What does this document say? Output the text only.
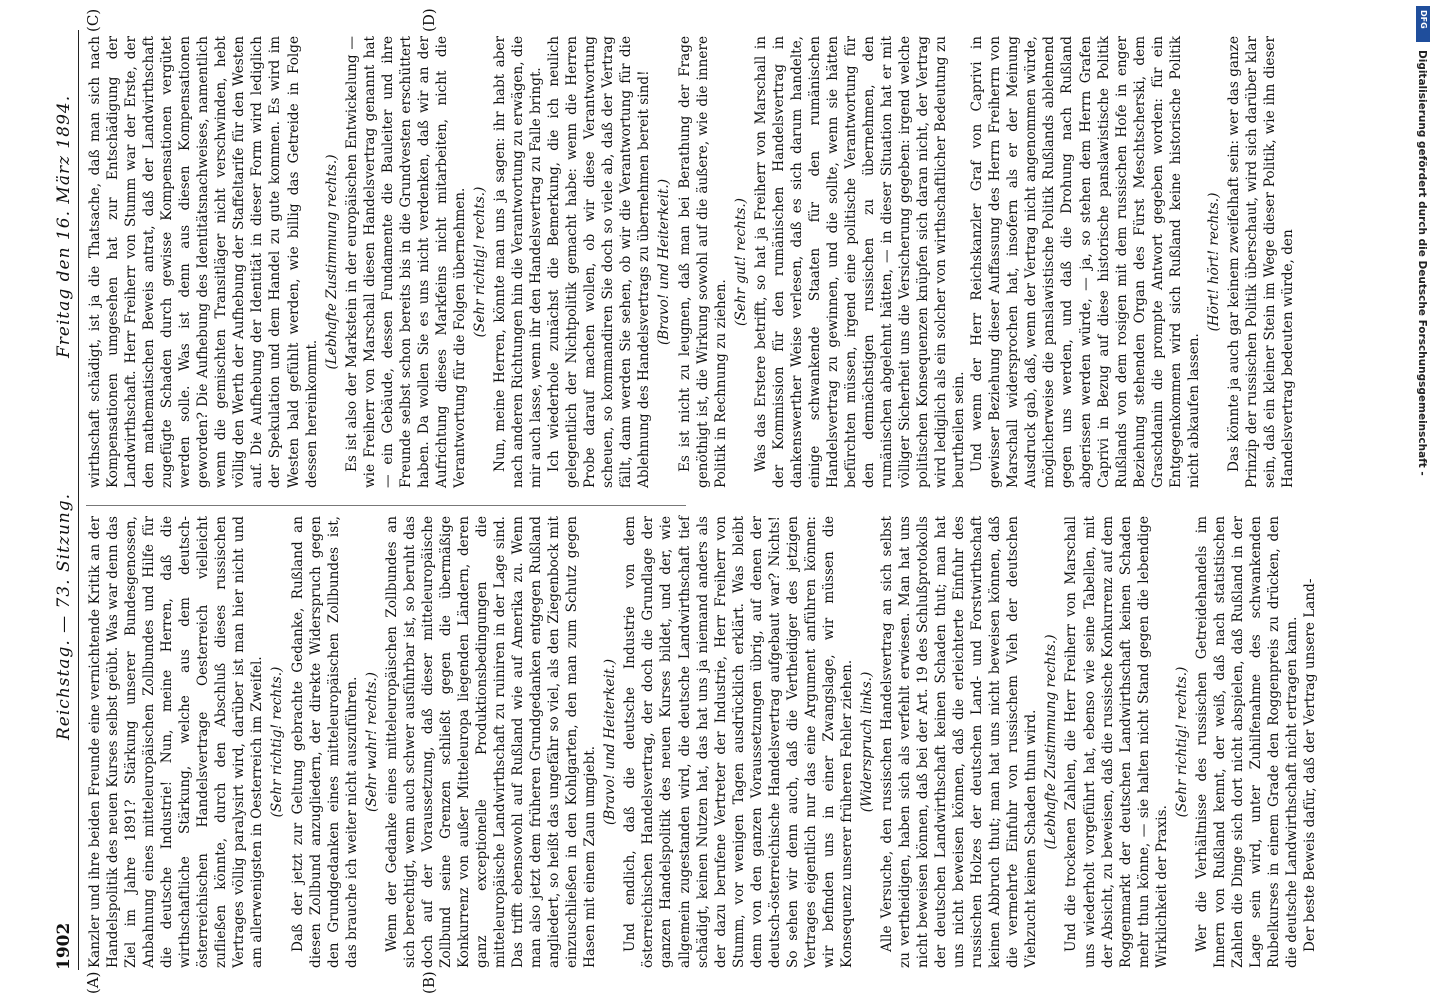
1902
Reichstag. — 73. Sitzung.
Freitag den 16. März 1894.
(A)	(B)
(C)	(D)

Kanzler und ihre beiden Freunde eine vernichtende Kritik an der Handelspolitik des neuen Kurses selbst geübt. Was war denn das Ziel im Jahre 1891? Stärkung unserer Bundesgenossen, Anbahnung eines mitteleuropäischen Zollbundes und Hilfe für die deutsche Industrie! Nun, meine Herren, daß die wirthschaftliche Stärkung, welche aus dem deutsch-österreichischen Handelsvertrage Oesterreich vielleicht zufließen könnte, durch den Abschluß dieses russischen Vertrages völlig paralysirt wird, darüber ist man hier nicht und am allerwenigsten in Oesterreich im Zweifel. (Sehr richtig! rechts.) Daß der jetzt zur Geltung gebrachte Gedanke, Rußland an diesen Zollbund anzugliedern, der direkte Widerspruch gegen den Grundgedanken eines mitteleuropäischen Zollbundes ist, das brauche ich weiter nicht auszuführen. (Sehr wahr! rechts.) Wenn der Gedanke eines mitteleuropäischen Zollbundes an sich berechtigt, wenn auch schwer ausführbar ist, so beruht das doch auf der Voraussetzung, daß dieser mitteleuropäische Zollbund seine Grenzen schließt gegen die übermäßige Konkurrenz von außer Mitteleuropa liegenden Ländern, deren ganz exceptionelle Produktionsbedingungen die mitteleuropäische Landwirthschaft zu ruiniren in der Lage sind. Das trifft ebensowohl auf Rußland wie auf Amerika zu. Wenn man also jetzt dem früheren Grundgedanken entgegen Rußland angliedert, so heißt das ungefähr so viel, als den Ziegenbock mit einzuschließen in den Kohlgarten, den man zum Schutz gegen Hasen mit einem Zaun umgiebt.

(Bravo! und Heiterkeit.) Und endlich, daß die deutsche Industrie von dem österreichischen Handelsvertrag, der doch die Grundlage der ganzen Handelspolitik des neuen Kurses bildet, und der, wie allgemein zugestanden wird, die deutsche Landwirthschaft tief schädigt, keinen Nutzen hat, das hat uns ja niemand anders als der dazu berufene Vertreter der Industrie, Herr Freiherr von Stumm, vor wenigen Tagen ausdrücklich erklärt. Was bleibt denn von den ganzen Voraussetzungen übrig, auf denen der deutsch-österreichische Handelsvertrag aufgebaut war? Nichts! So sehen wir denn auch, daß die Vertheidiger des jetzigen Vertrages eigentlich nur das eine Argument anführen können: wir befinden uns in einer Zwangslage, wir müssen die Konsequenz unserer früheren Fehler ziehen. (Widerspruch links.) Alle Versuche, den russischen Handelsvertrag an sich selbst zu vertheidigen, haben sich als verfehlt erwiesen. Man hat uns nicht beweisen können, daß bei der Art. 19 des Schlußprotokolls der deutschen Landwirthschaft keinen Schaden thut; man hat uns nicht beweisen können, daß die erleichterte Einfuhr des russischen Holzes der deutschen Land- und Forstwirthschaft keinen Abbruch thut; man hat uns nicht beweisen können, daß die vermehrte Einfuhr von russischem Vieh der deutschen Viehzucht keinen Schaden thun wird. (Lebhafte Zustimmung rechts.) Und die trockenen Zahlen, die Herr Freiherr von Marschall uns wiederholt vorgeführt hat, ebenso wie seine Tabellen, mit der Absicht, zu beweisen, daß die russische Konkurrenz auf dem Roggenmarkt der deutschen Landwirthschaft keinen Schaden mehr thun könne, — sie halten nicht Stand gegen die lebendige Wirklichkeit der Praxis.

(Sehr richtig! rechts.) Wer die Verhältnisse des russischen Getreidehandels im Innern von Rußland kennt, der weiß, daß nach statistischen Zahlen die Dinge sich dort nicht abspielen, daß Rußland in der Lage sein wird, unter Zuhilfenahme des schwankenden Rubelkurses in einem Grade den Roggenpreis zu drücken, den die deutsche Landwirthschaft nicht ertragen kann. Der beste Beweis dafür, daß der Vertrag unsere Land-

wirthschaft schädigt, ist ja die Thatsache, daß man sich nach Kompensationen umgesehen hat zur Entschädigung der Landwirthschaft. Herr Freiherr von Stumm war der Erste, der den mathematischen Beweis antrat, daß der Landwirthschaft zugefügte Schaden durch gewisse Kompensationen vergütet werden solle. Was ist denn aus diesen Kompensationen geworden? Die Aufhebung des Identitätsnachweises, namentlich wenn die gemischten Transitläger nicht verschwinden, hebt völlig den Werth der Aufhebung der Staffeltarife für den Westen auf. Die Aufhebung der Identität in dieser Form wird lediglich der Spekulation und dem Handel zu gute kommen. Es wird im Westen bald gefühlt werden, wie billig das Getreide in Folge dessen hereinkommt.

(Lebhafte Zustimmung rechts.) Es ist also der Markstein in der europäischen Entwickelung — wie Freiherr von Marschall diesen Handelsvertrag genannt hat — ein Gebäude, dessen Fundamente die Bauleiter und ihre Freunde selbst schon bereits bis in die Grundvesten erschüttert haben. Da wollen Sie es uns nicht verdenken, daß wir an der Aufrichtung dieses Markfeins nicht mitarbeiten, nicht die Verantwortung für die Folgen übernehmen. (Sehr richtig! rechts.) Nun, meine Herren, könnte man uns ja sagen: ihr habt aber nach anderen Richtungen hin die Verantwortung zu erwägen, die mir auch lasse, wenn ihr den Handelsvertrag zu Falle bringt. Ich wiederhole zunächst die Bemerkung, die ich neulich gelegentlich der Nichtpolitik gemacht habe: wenn die Herren Probe darauf machen wollen, ob wir diese Verantwortung scheuen, so kommandiren Sie doch so viele ab, daß der Vertrag fällt, dann werden Sie sehen, ob wir die Verantwortung für die Ablehnung des Handelsvertrags zu übernehmen bereit sind! (Bravo! und Heiterkeit.) Es ist nicht zu leugnen, daß man bei Berathung der Frage genöthigt ist, die Wirkung sowohl auf die äußere, wie die innere Politik in Rechnung zu ziehen.

(Sehr gut! rechts.) Was das Erstere betrifft, so hat ja Freiherr von Marschall in der Kommission für den rumänischen Handelsvertrag in dankenswerther Weise verlesen, daß es sich darum handelte, einige schwankende Staaten für den rumänischen Handelsvertrag zu gewinnen, und die sollte, wenn sie hätten befürchten müssen, irgend eine politische Verantwortung für den demnächstigen russischen zu übernehmen, den rumänischen abgelehnt hätten, — in dieser Situation hat er mit völliger Sicherheit uns die Versicherung gegeben: irgend welche politischen Konsequenzen knüpfen sich daran nicht, der Vertrag wird lediglich als ein solcher von wirthschaftlicher Bedeutung zu beurtheilen sein. Und wenn der Herr Reichskanzler Graf von Caprivi in gewisser Beziehung dieser Auffassung des Herrn Freiherrn von Marschall widersprochen hat, insofern als er der Meinung Ausdruck gab, daß, wenn der Vertrag nicht angenommen würde, möglicherweise die panslawistische Politik Rußlands ablehnend gegen uns werden, und daß die Drohung nach Rußland abgerissen werden würde, — ja, so stehen dem Herrn Grafen Caprivi in Bezug auf diese historische panslawistische Politik Rußlands von dem rosigen mit dem russischen Hofe in enger Beziehung stehenden Organ des Fürst Meschtscherski, dem Graschdanin die prompte Antwort gegeben worden: für ein Entgegenkommen wird sich Rußland keine historische Politik nicht abkaufen lassen.

(Hört! hört! rechts.) Das könnte ja auch gar keinem zweifelhaft sein: wer das ganze Prinzip der russischen Politik überschaut, wird sich darüber klar sein, daß ein kleiner Stein im Wege dieser Politik, wie ihn dieser Handelsvertrag bedeuten würde, den

DFG
Digitalisierung gefördert durch die Deutsche Forschungsgemeinschaft -
